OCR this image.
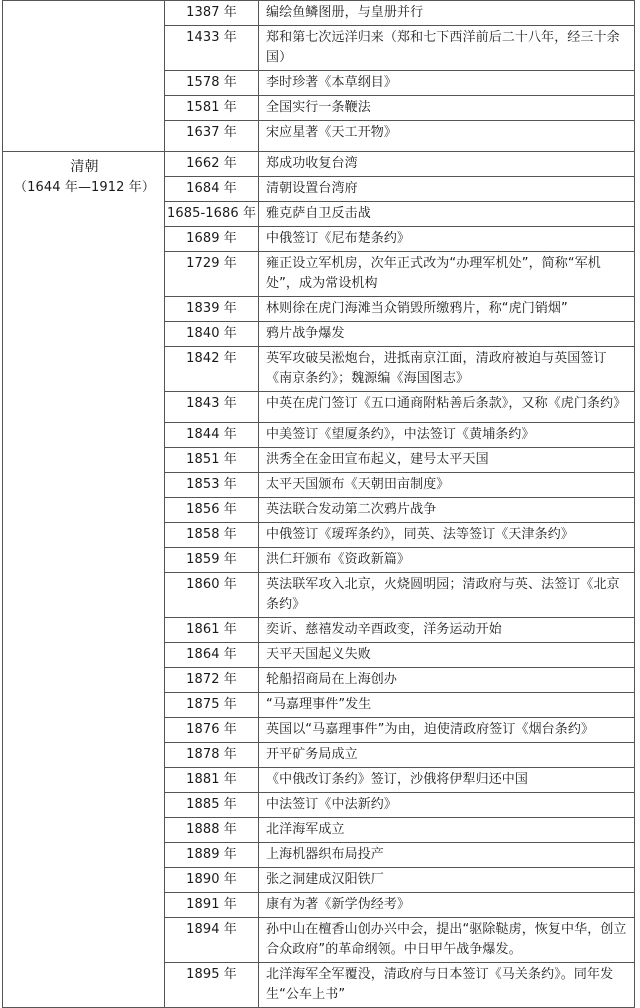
	1387 年	编绘鱼鳞图册，与皇册并行
	1433 年	郑和第七次远洋归来（郑和七下西洋前后二十八年，经三十余国）
	1578 年	李时珍著《本草纲目》
	1581 年	全国实行一条鞭法
	1637 年	宋应星著《天工开物》

清朝
（1644 年—1912 年）	1662 年	郑成功收复台湾
	1684 年	清朝设置台湾府
	1685-1686 年	雅克萨自卫反击战
	1689 年	中俄签订《尼布楚条约》
	1729 年	雍正设立军机房，次年正式改为“办理军机处”，简称“军机处”，成为常设机构
	1839 年	林则徐在虎门海滩当众销毁所缴鸦片，称“虎门销烟”
	1840 年	鸦片战争爆发
	1842 年	英军攻破吴淞炮台，进抵南京江面，清政府被迫与英国签订《南京条约》；魏源编《海国图志》
	1843 年	中英在虎门签订《五口通商附粘善后条款》，又称《虎门条约》
	1844 年	中美签订《望厦条约》，中法签订《黄埔条约》
	1851 年	洪秀全在金田宣布起义，建号太平天国
	1853 年	太平天国颁布《天朝田亩制度》
	1856 年	英法联合发动第二次鸦片战争
	1858 年	中俄签订《瑷珲条约》，同英、法等签订《天津条约》
	1859 年	洪仁玕颁布《资政新篇》
	1860 年	英法联军攻入北京，火烧圆明园；清政府与英、法签订《北京条约》
	1861 年	奕䜣、慈禧发动辛酉政变，洋务运动开始
	1864 年	天平天国起义失败
	1872 年	轮船招商局在上海创办
	1875 年	“马嘉理事件”发生
	1876 年	英国以“马嘉理事件”为由，迫使清政府签订《烟台条约》
	1878 年	开平矿务局成立
	1881 年	《中俄改订条约》签订，沙俄将伊犁归还中国
	1885 年	中法签订《中法新约》
	1888 年	北洋海军成立
	1889 年	上海机器织布局投产
	1890 年	张之洞建成汉阳铁厂
	1891 年	康有为著《新学伪经考》
	1894 年	孙中山在檀香山创办兴中会，提出“驱除鞑虏，恢复中华，创立合众政府”的革命纲领。中日甲午战争爆发。
	1895 年	北洋海军全军覆没，清政府与日本签订《马关条约》。同年发生“公车上书”
